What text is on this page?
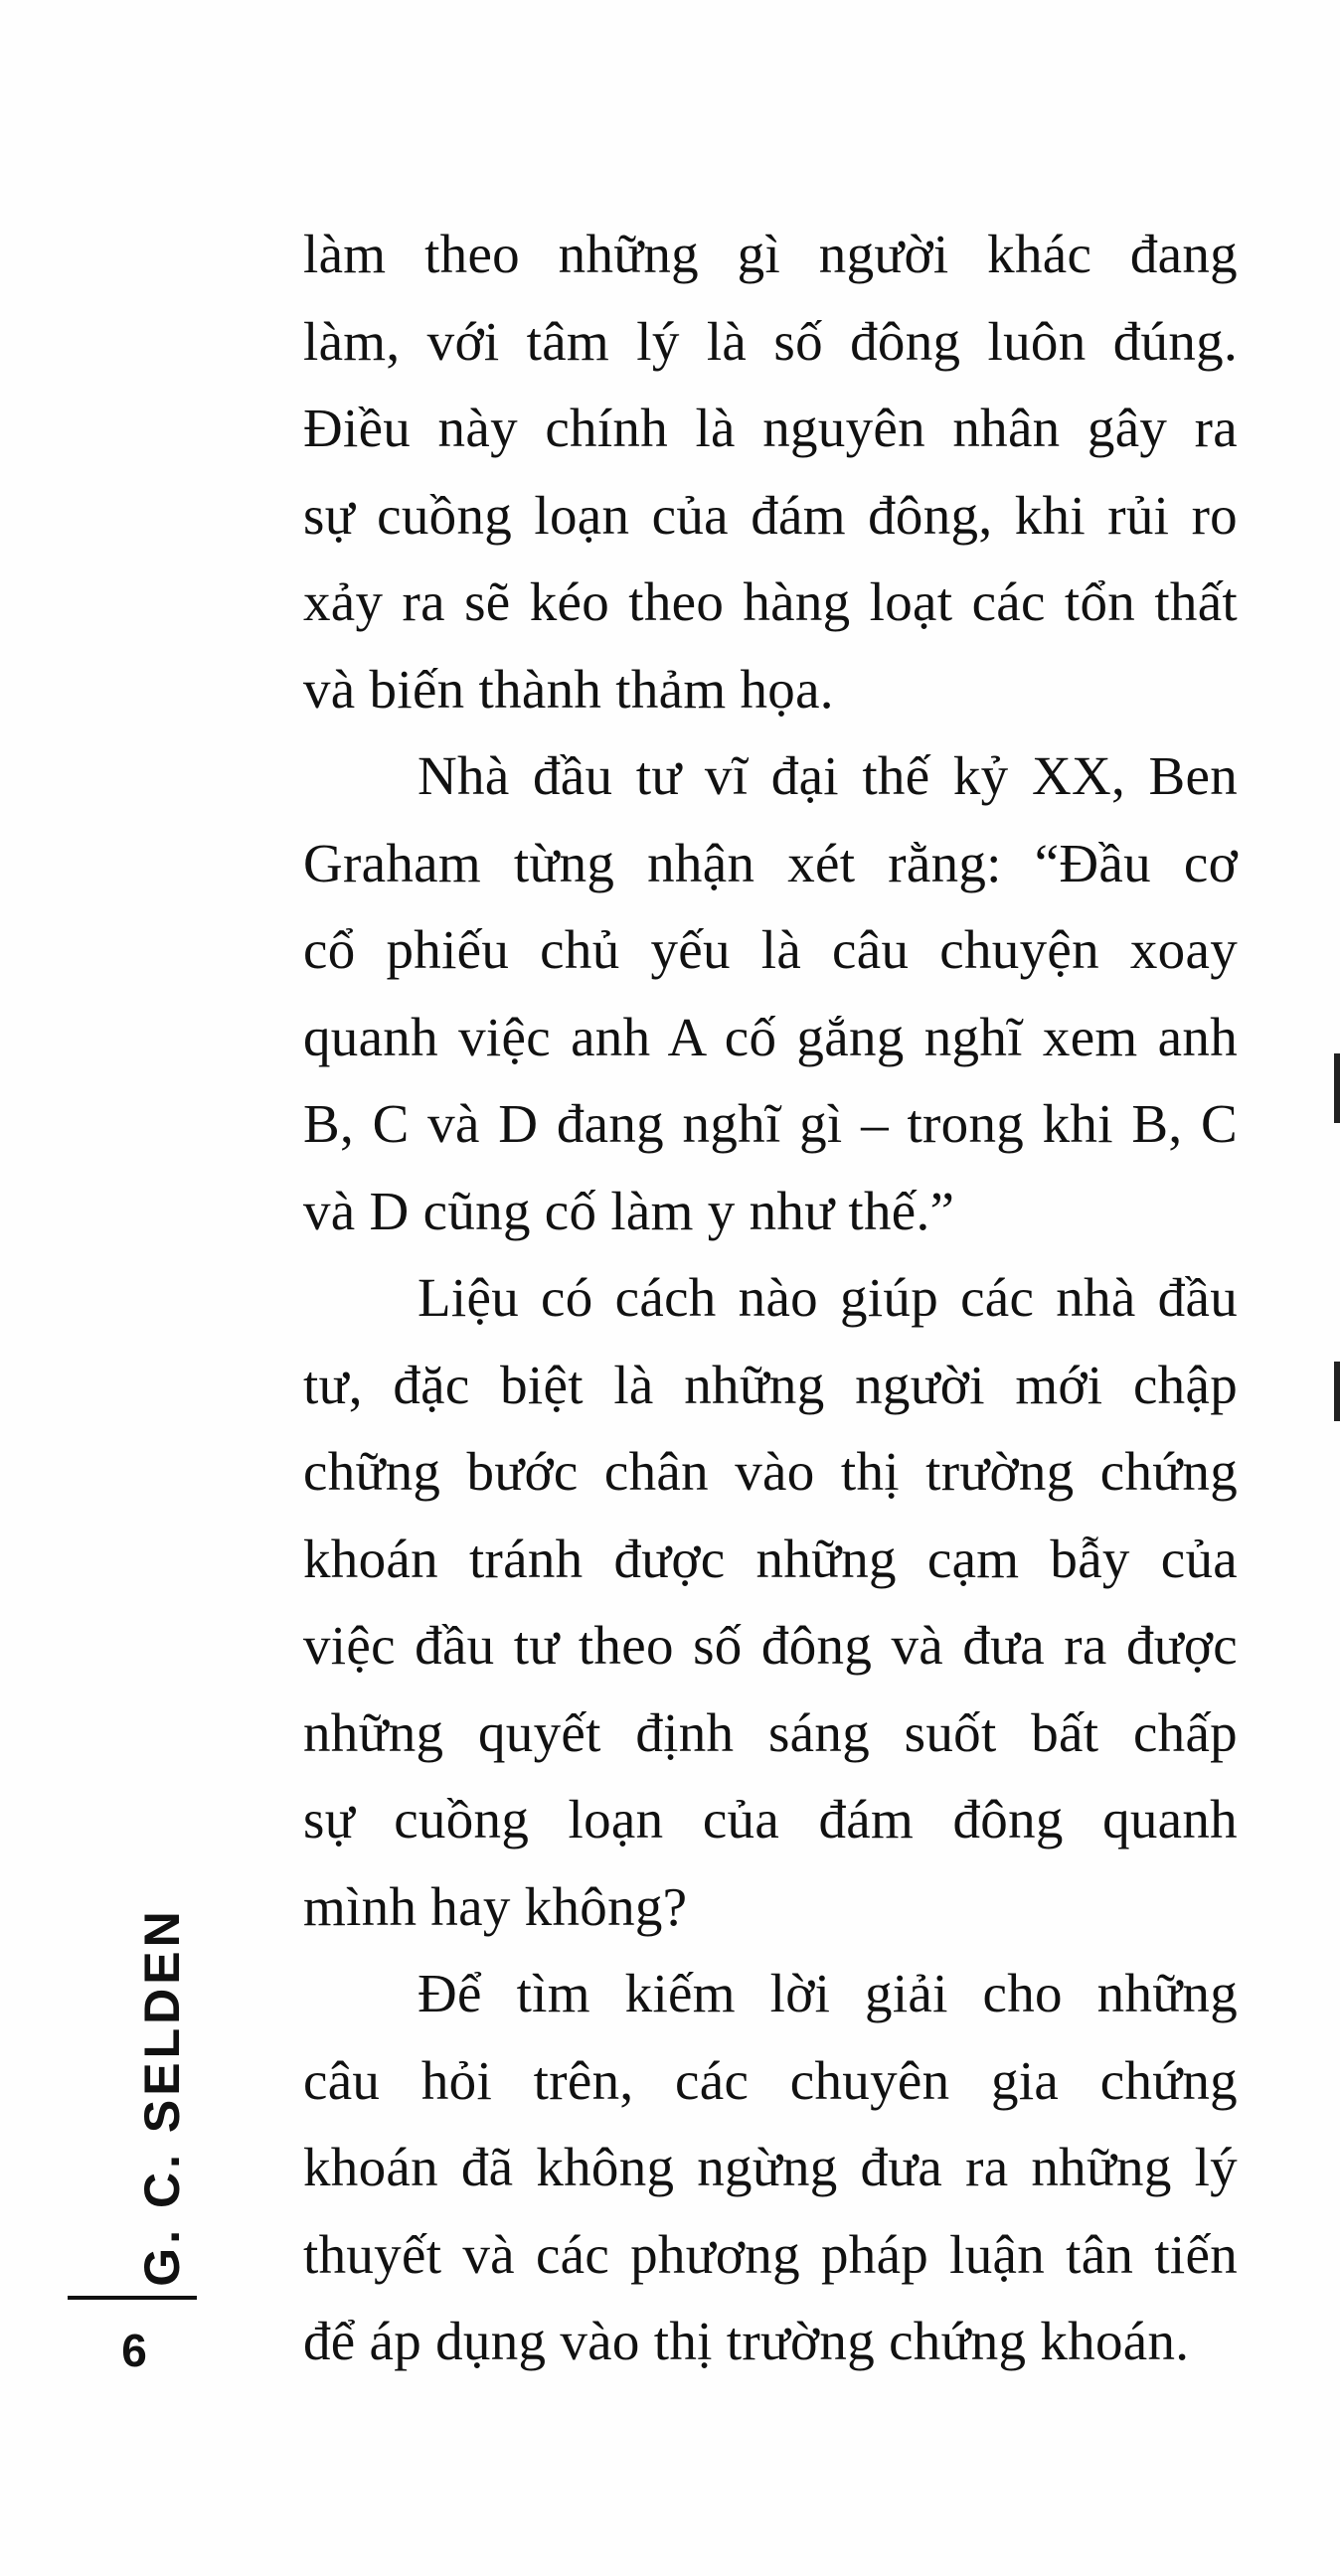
làm theo những gì người khác đang
làm, với tâm lý là số đông luôn đúng.
Điều này chính là nguyên nhân gây ra
sự cuồng loạn của đám đông, khi rủi ro
xảy ra sẽ kéo theo hàng loạt các tổn thất
và biến thành thảm họa.
Nhà đầu tư vĩ đại thế kỷ XX, Ben
Graham từng nhận xét rằng: “Đầu cơ
cổ phiếu chủ yếu là câu chuyện xoay
quanh việc anh A cố gắng nghĩ xem anh
B, C và D đang nghĩ gì – trong khi B, C
và D cũng cố làm y như thế.”
Liệu có cách nào giúp các nhà đầu
tư, đặc biệt là những người mới chập
chững bước chân vào thị trường chứng
khoán tránh được những cạm bẫy của
việc đầu tư theo số đông và đưa ra được
những quyết định sáng suốt bất chấp
sự cuồng loạn của đám đông quanh
mình hay không?
Để tìm kiếm lời giải cho những
câu hỏi trên, các chuyên gia chứng
khoán đã không ngừng đưa ra những lý
thuyết và các phương pháp luận tân tiến
để áp dụng vào thị trường chứng khoán.
G. C. SELDEN
6
